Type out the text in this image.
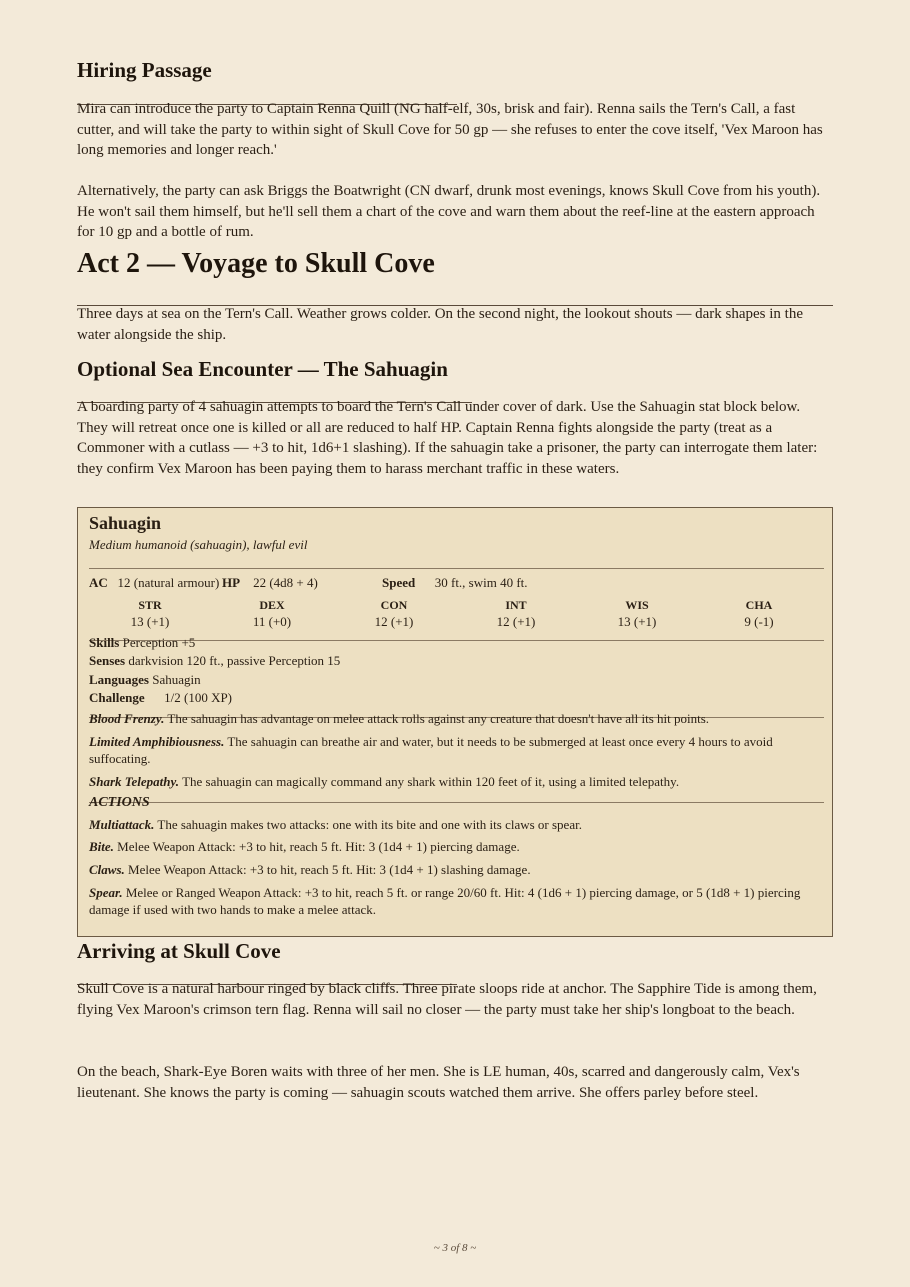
Hiring Passage

Mira can introduce the party to Captain Renna Quill (NG half-elf, 30s, brisk and fair). Renna sails the Tern's Call, a fast cutter, and will take the party to within sight of Skull Cove for 50 gp — she refuses to enter the cove itself, 'Vex Maroon has long memories and longer reach.'

Alternatively, the party can ask Briggs the Boatwright (CN dwarf, drunk most evenings, knows Skull Cove from his youth). He won't sail them himself, but he'll sell them a chart of the cove and warn them about the reef-line at the eastern approach for 10 gp and a bottle of rum.

Act 2 — Voyage to Skull Cove

Three days at sea on the Tern's Call. Weather grows colder. On the second night, the lookout shouts — dark shapes in the water alongside the ship.

Optional Sea Encounter — The Sahuagin

A boarding party of 4 sahuagin attempts to board the Tern's Call under cover of dark. Use the Sahuagin stat block below. They will retreat once one is killed or all are reduced to half HP. Captain Renna fights alongside the party (treat as a Commoner with a cutlass — +3 to hit, 1d6+1 slashing). If the sahuagin take a prisoner, the party can interrogate them later: they confirm Vex Maroon has been paying them to harass merchant traffic in these waters.

Sahuagin
Medium humanoid (sahuagin), lawful evil
AC 12 (natural armour) HP 22 (4d8 + 4)	Speed 30 ft., swim 40 ft.
STR	DEX	CON	INT	WIS	CHA
13 (+1)	11 (+0)	12 (+1)	12 (+1)	13 (+1)	9 (-1)
Skills Perception +5
Senses darkvision 120 ft., passive Perception 15
Languages Sahuagin
Challenge 1/2 (100 XP)
Blood Frenzy. The sahuagin has advantage on melee attack rolls against any creature that doesn't have all its hit points.
Limited Amphibiousness. The sahuagin can breathe air and water, but it needs to be submerged at least once every 4 hours to avoid suffocating.
Shark Telepathy. The sahuagin can magically command any shark within 120 feet of it, using a limited telepathy.
ACTIONS
Multiattack. The sahuagin makes two attacks: one with its bite and one with its claws or spear.
Bite. Melee Weapon Attack: +3 to hit, reach 5 ft. Hit: 3 (1d4 + 1) piercing damage.
Claws. Melee Weapon Attack: +3 to hit, reach 5 ft. Hit: 3 (1d4 + 1) slashing damage.
Spear. Melee or Ranged Weapon Attack: +3 to hit, reach 5 ft. or range 20/60 ft. Hit: 4 (1d6 + 1) piercing damage, or 5 (1d8 + 1) piercing damage if used with two hands to make a melee attack.
Arriving at Skull Cove

Skull Cove is a natural harbour ringed by black cliffs. Three pirate sloops ride at anchor. The Sapphire Tide is among them, flying Vex Maroon's crimson tern flag. Renna will sail no closer — the party must take her ship's longboat to the beach.

On the beach, Shark-Eye Boren waits with three of her men. She is LE human, 40s, scarred and dangerously calm, Vex's lieutenant. She knows the party is coming — sahuagin scouts watched them arrive. She offers parley before steel.

~ 3 of 8 ~
